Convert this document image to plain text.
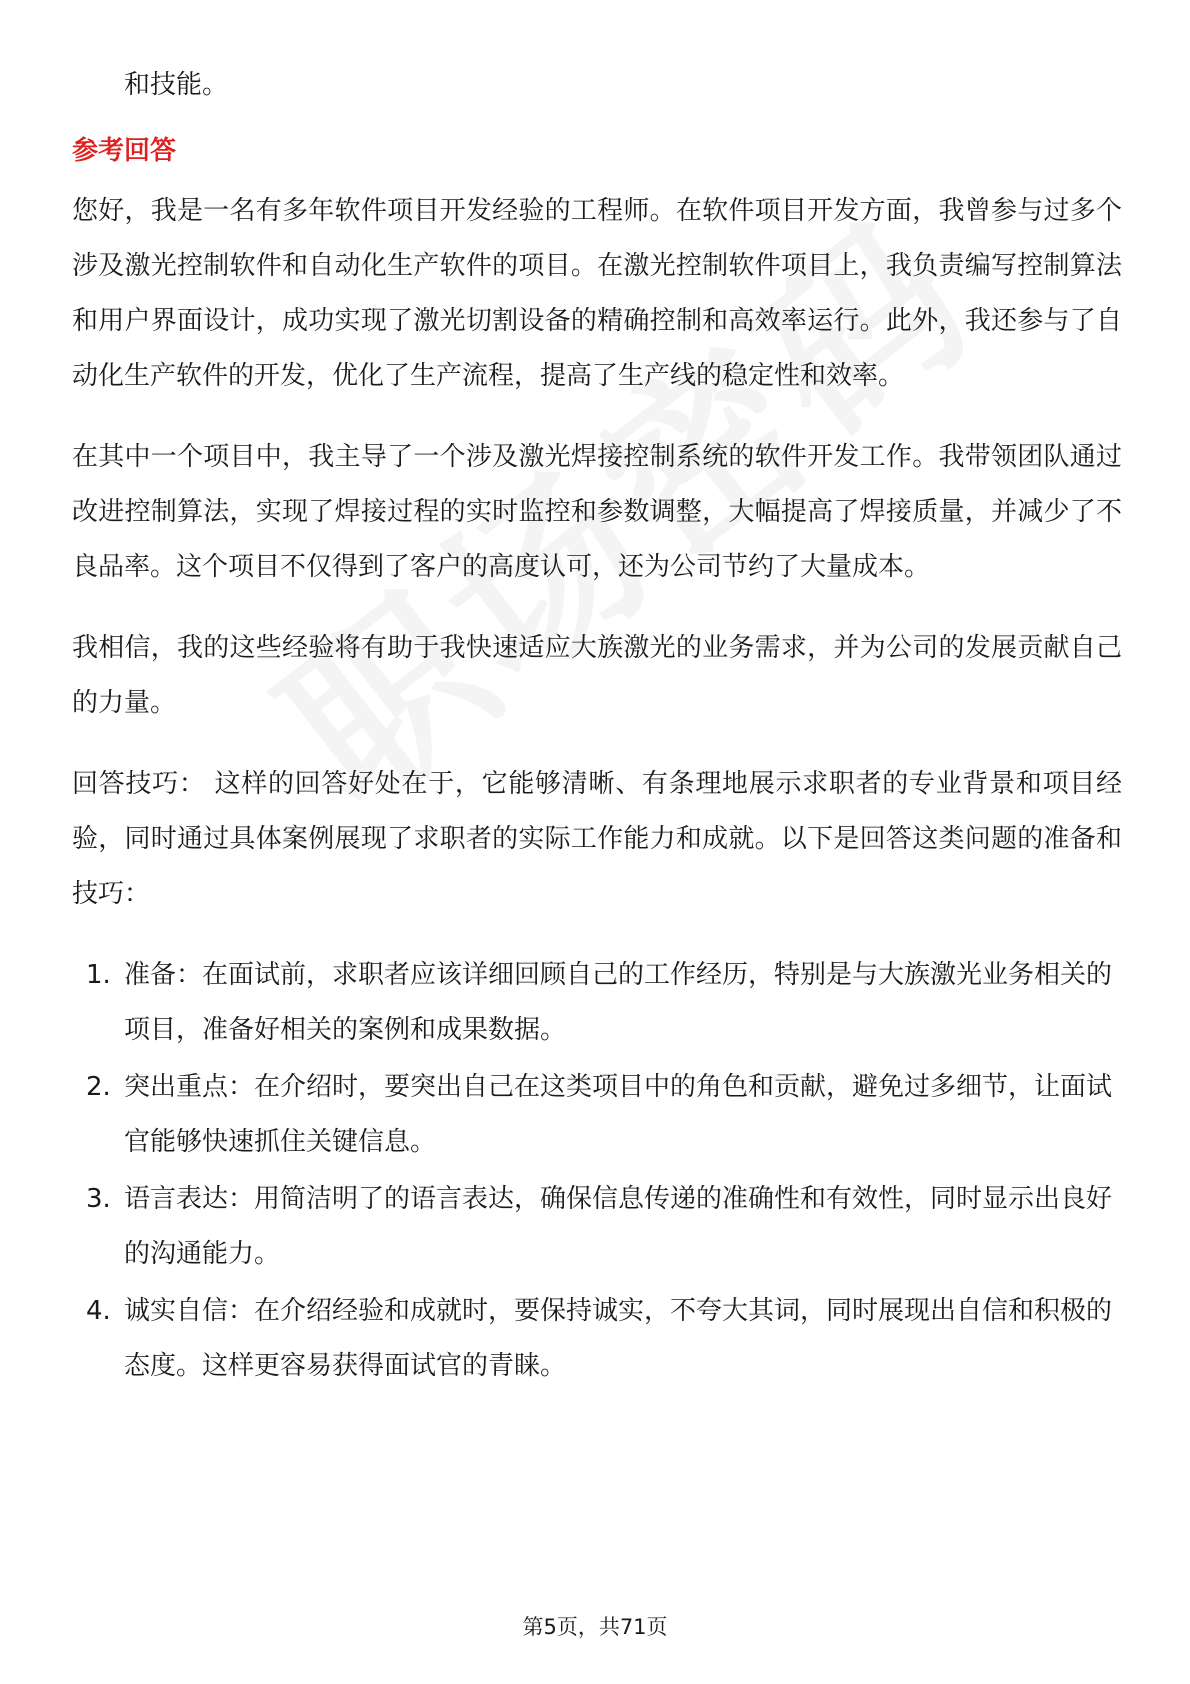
和技能。

参考回答

您好，我是一名有多年软件项目开发经验的工程师。在软件项目开发方面，我曾参与过多个涉及激光控制软件和自动化生产软件的项目。在激光控制软件项目上，我负责编写控制算法和用户界面设计，成功实现了激光切割设备的精确控制和高效率运行。此外，我还参与了自动化生产软件的开发，优化了生产流程，提高了生产线的稳定性和效率。

在其中一个项目中，我主导了一个涉及激光焊接控制系统的软件开发工作。我带领团队通过改进控制算法，实现了焊接过程的实时监控和参数调整，大幅提高了焊接质量，并减少了不良品率。这个项目不仅得到了客户的高度认可，还为公司节约了大量成本。

我相信，我的这些经验将有助于我快速适应大族激光的业务需求，并为公司的发展贡献自己的力量。

回答技巧： 这样的回答好处在于，它能够清晰、有条理地展示求职者的专业背景和项目经验，同时通过具体案例展现了求职者的实际工作能力和成就。以下是回答这类问题的准备和技巧：

1. 准备：在面试前，求职者应该详细回顾自己的工作经历，特别是与大族激光业务相关的项目，准备好相关的案例和成果数据。
2. 突出重点：在介绍时，要突出自己在这类项目中的角色和贡献，避免过多细节，让面试官能够快速抓住关键信息。
3. 语言表达：用简洁明了的语言表达，确保信息传递的准确性和有效性，同时显示出良好的沟通能力。
4. 诚实自信：在介绍经验和成就时，要保持诚实，不夸大其词，同时展现出自信和积极的态度。这样更容易获得面试官的青睐。
第5页，共71页
